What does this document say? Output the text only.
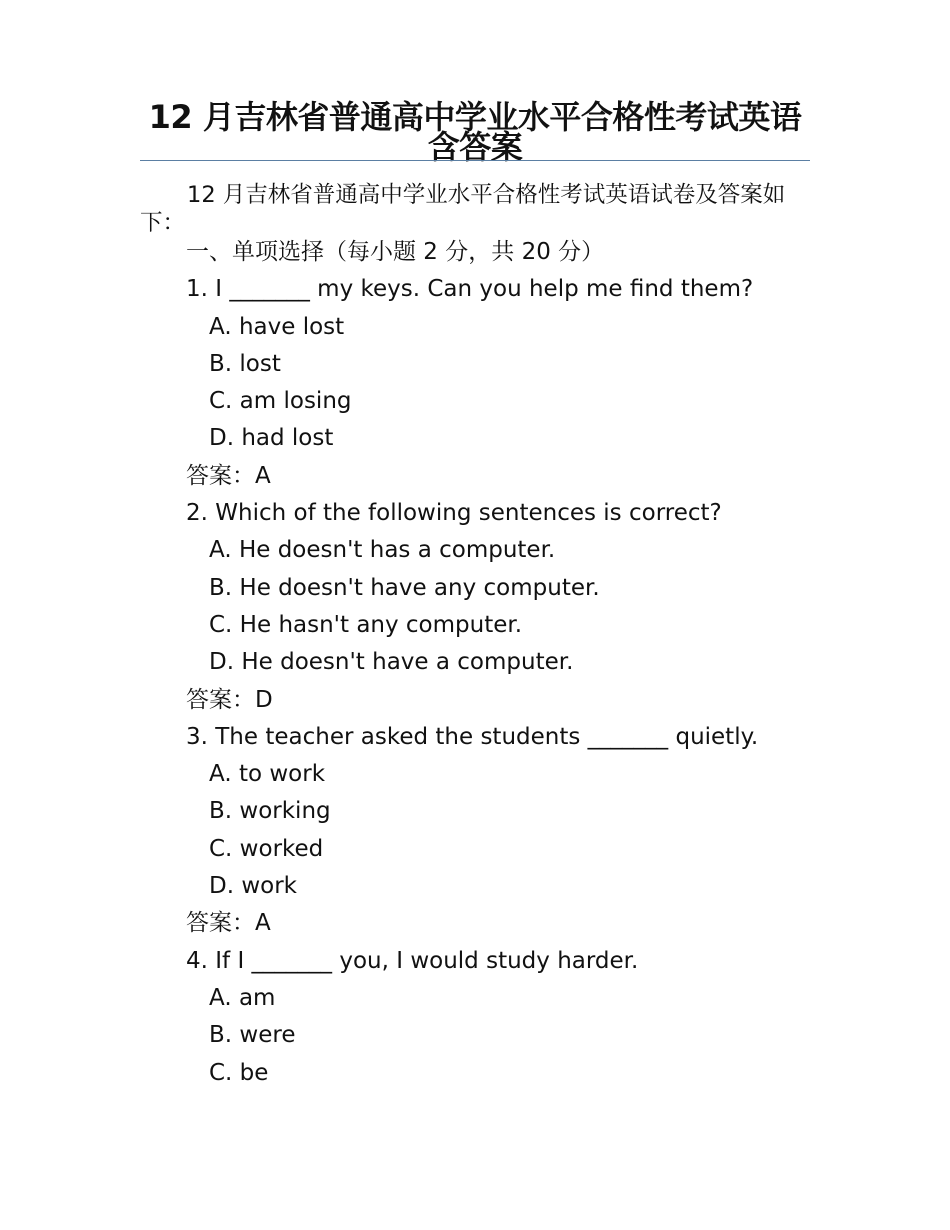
12 月吉林省普通高中学业水平合格性考试英语含答案

12 月吉林省普通高中学业水平合格性考试英语试卷及答案如下：

一、单项选择（每小题 2 分，共 20 分）
1. I _______ my keys. Can you help me find them?
A. have lost
B. lost
C. am losing
D. had lost
答案：A
2. Which of the following sentences is correct?
A. He doesn't has a computer.
B. He doesn't have any computer.
C. He hasn't any computer.
D. He doesn't have a computer.
答案：D
3. The teacher asked the students _______ quietly.
A. to work
B. working
C. worked
D. work
答案：A
4. If I _______ you, I would study harder.
A. am
B. were
C. be
